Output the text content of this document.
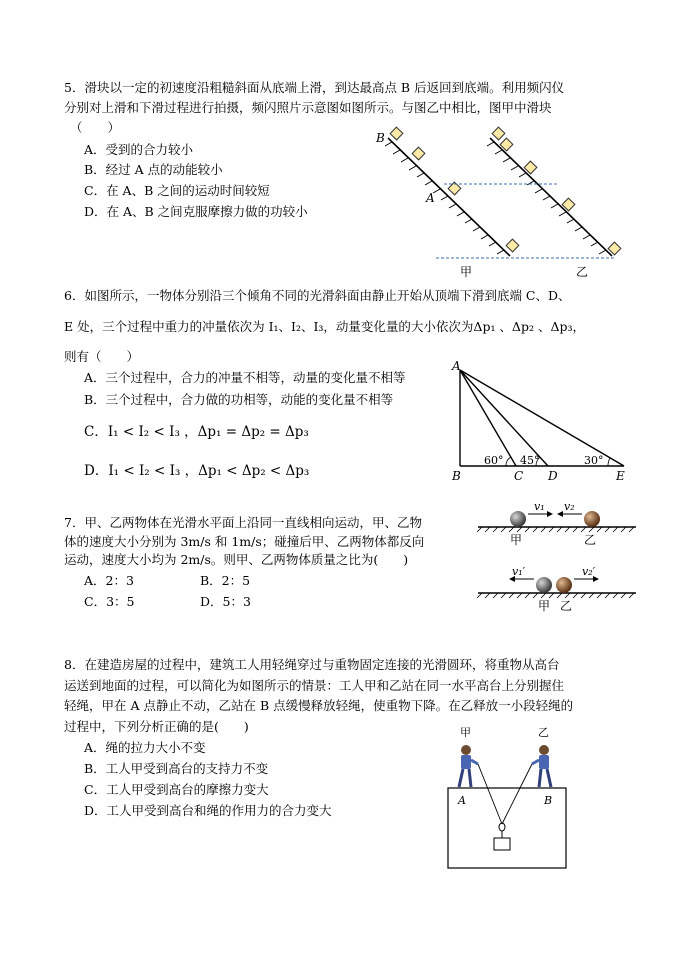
5．滑块以一定的初速度沿粗糙斜面从底端上滑，到达最高点 B 后返回到底端。利用频闪仪
分别对上滑和下滑过程进行拍摄，频闪照片示意图如图所示。与图乙中相比，图甲中滑块
（　　）
A．受到的合力较小
B．经过 A 点的动能较小
C．在 A、B 之间的运动时间较短
D．在 A、B 之间克服摩擦力做的功较小
B
A
甲	乙
6．如图所示，一物体分别沿三个倾角不同的光滑斜面由静止开始从顶端下滑到底端 C、D、
E 处，三个过程中重力的冲量依次为 I₁、I₂、I₃，动量变化量的大小依次为Δp₁ 、Δp₂ 、Δp₃，
则有（　　）
A．三个过程中，合力的冲量不相等，动量的变化量不相等
B．三个过程中，合力做的功相等，动能的变化量不相等
C．I₁ < I₂ < I₃ ，Δp₁ = Δp₂ = Δp₃
D．I₁ < I₂ < I₃ ，Δp₁ < Δp₂ < Δp₃
A
B	C D	E
60° 45°	30°
7．甲、乙两物体在光滑水平面上沿同一直线相向运动，甲、乙物
体的速度大小分别为 3m/s 和 1m/s；碰撞后甲、乙两物体都反向
运动，速度大小均为 2m/s。则甲、乙两物体质量之比为(　　)
A．2：3	B．2：5
C．3：5	D．5：3
v₁ v₂
甲	乙
v₁′	v₂′
甲 乙
8．在建造房屋的过程中，建筑工人用轻绳穿过与重物固定连接的光滑圆环，将重物从高台
运送到地面的过程，可以简化为如图所示的情景：工人甲和乙站在同一水平高台上分别握住
轻绳，甲在 A 点静止不动，乙站在 B 点缓慢释放轻绳，使重物下降。在乙释放一小段轻绳的
过程中，下列分析正确的是(　　)
A．绳的拉力大小不变
B．工人甲受到高台的支持力不变
C．工人甲受到高台的摩擦力变大
D．工人甲受到高台和绳的作用力的合力变大
甲	乙
A	B
